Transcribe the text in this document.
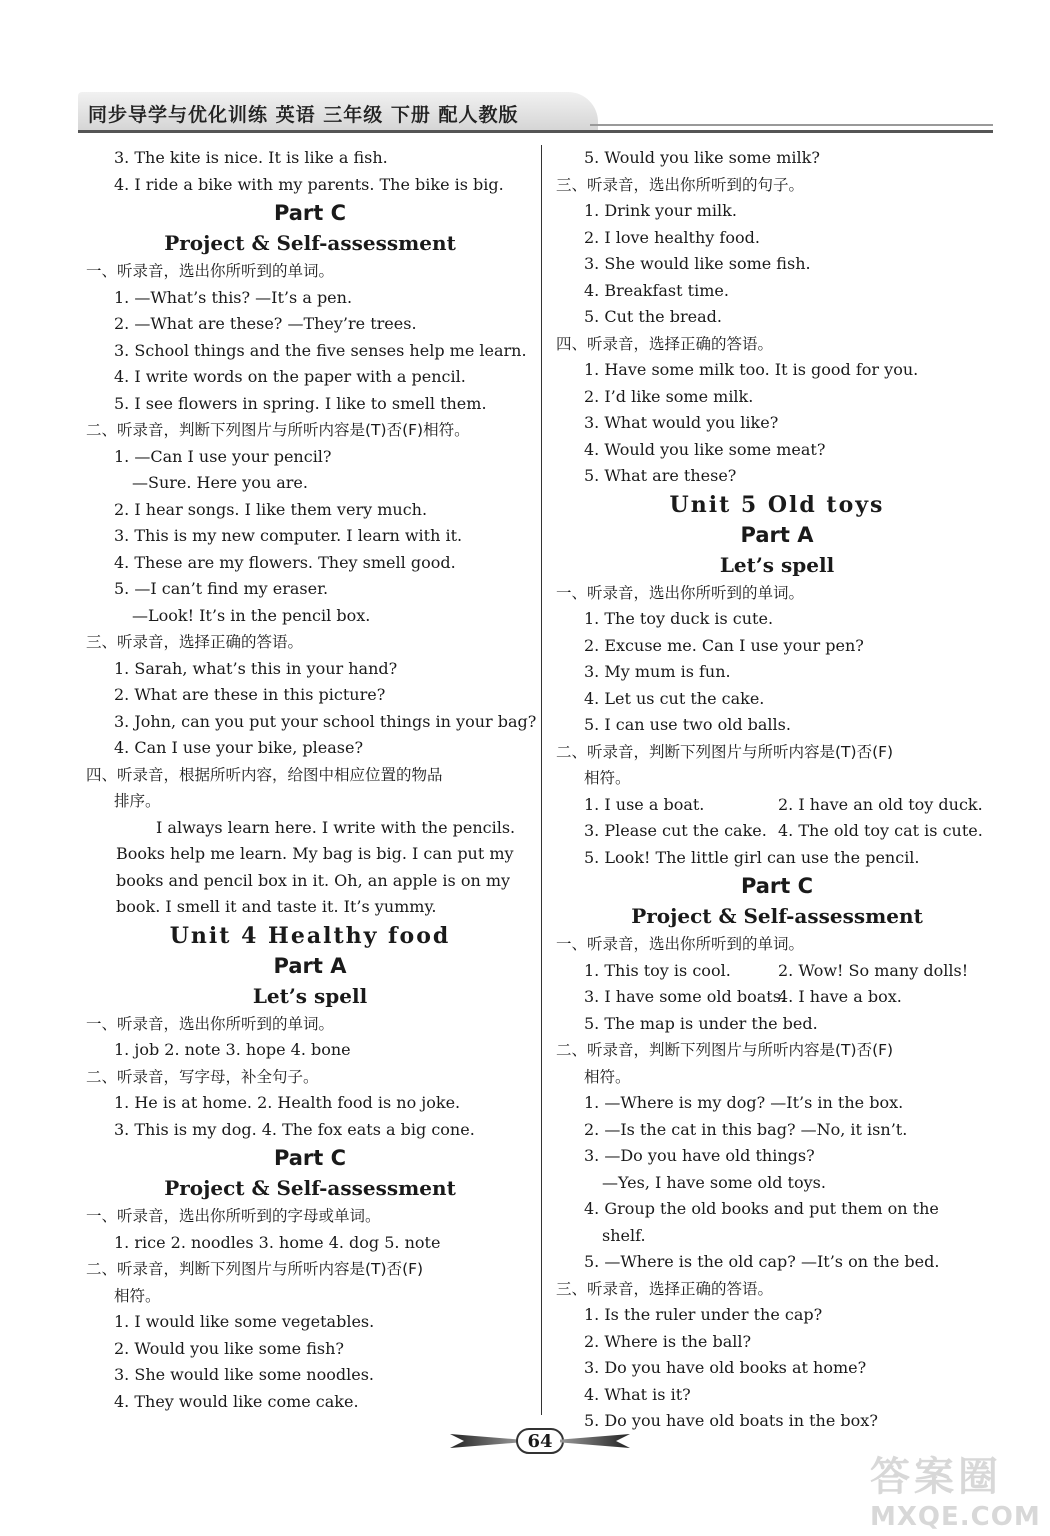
同步导学与优化训练 英语 三年级 下册 配人教版
3. The kite is nice. It is like a fish.
4. I ride a bike with my parents. The bike is big.
Part C
Project & Self-assessment
一、听录音，选出你所听到的单词。
1. —What’s this? —It’s a pen.
2. —What are these? —They’re trees.
3. School things and the five senses help me learn.
4. I write words on the paper with a pencil.
5. I see flowers in spring. I like to smell them.
二、听录音，判断下列图片与所听内容是(T)否(F)相符。
1. —Can I use your pencil?
—Sure. Here you are.
2. I hear songs. I like them very much.
3. This is my new computer. I learn with it.
4. These are my flowers. They smell good.
5. —I can’t find my eraser.
—Look! It’s in the pencil box.
三、听录音，选择正确的答语。
1. Sarah, what’s this in your hand?
2. What are these in this picture?
3. John, can you put your school things in your bag?
4. Can I use your bike, please?
四、听录音，根据所听内容，给图中相应位置的物品
排序。
I always learn here. I write with the pencils.
Books help me learn. My bag is big. I can put my
books and pencil box in it. Oh, an apple is on my
book. I smell it and taste it. It’s yummy.
Unit 4 Healthy food
Part A
Let’s spell
一、听录音，选出你所听到的单词。
1. job 2. note 3. hope 4. bone
二、听录音，写字母，补全句子。
1. He is at home. 2. Health food is no joke.
3. This is my dog. 4. The fox eats a big cone.
Part C
Project & Self-assessment
一、听录音，选出你所听到的字母或单词。
1. rice 2. noodles 3. home 4. dog 5. note
二、听录音，判断下列图片与所听内容是(T)否(F)
相符。
1. I would like some vegetables.
2. Would you like some fish?
3. She would like some noodles.
4. They would like come cake.
5. Would you like some milk?
三、听录音，选出你所听到的句子。
1. Drink your milk.
2. I love healthy food.
3. She would like some fish.
4. Breakfast time.
5. Cut the bread.
四、听录音，选择正确的答语。
1. Have some milk too. It is good for you.
2. I’d like some milk.
3. What would you like?
4. Would you like some meat?
5. What are these?
Unit 5 Old toys
Part A
Let’s spell
一、听录音，选出你所听到的单词。
1. The toy duck is cute.
2. Excuse me. Can I use your pen?
3. My mum is fun.
4. Let us cut the cake.
5. I can use two old balls.
二、听录音，判断下列图片与所听内容是(T)否(F)
相符。
1. I use a boat.	2. I have an old toy duck.
3. Please cut the cake. 4. The old toy cat is cute.
5. Look! The little girl can use the pencil.
Part C
Project & Self-assessment
一、听录音，选出你所听到的单词。
1. This toy is cool.	2. Wow! So many dolls!
3. I have some old boats.
4. I have a box.
5. The map is under the bed.
二、听录音，判断下列图片与所听内容是(T)否(F)
相符。
1. —Where is my dog? —It’s in the box.
2. —Is the cat in this bag? —No, it isn’t.
3. —Do you have old things?
—Yes, I have some old toys.
4. Group the old books and put them on the
shelf.
5. —Where is the old cap? —It’s on the bed.
三、听录音，选择正确的答语。
1. Is the ruler under the cap?
2. Where is the ball?
3. Do you have old books at home?
4. What is it?
5. Do you have old boats in the box?
64
答案圈
MXQE.COM
